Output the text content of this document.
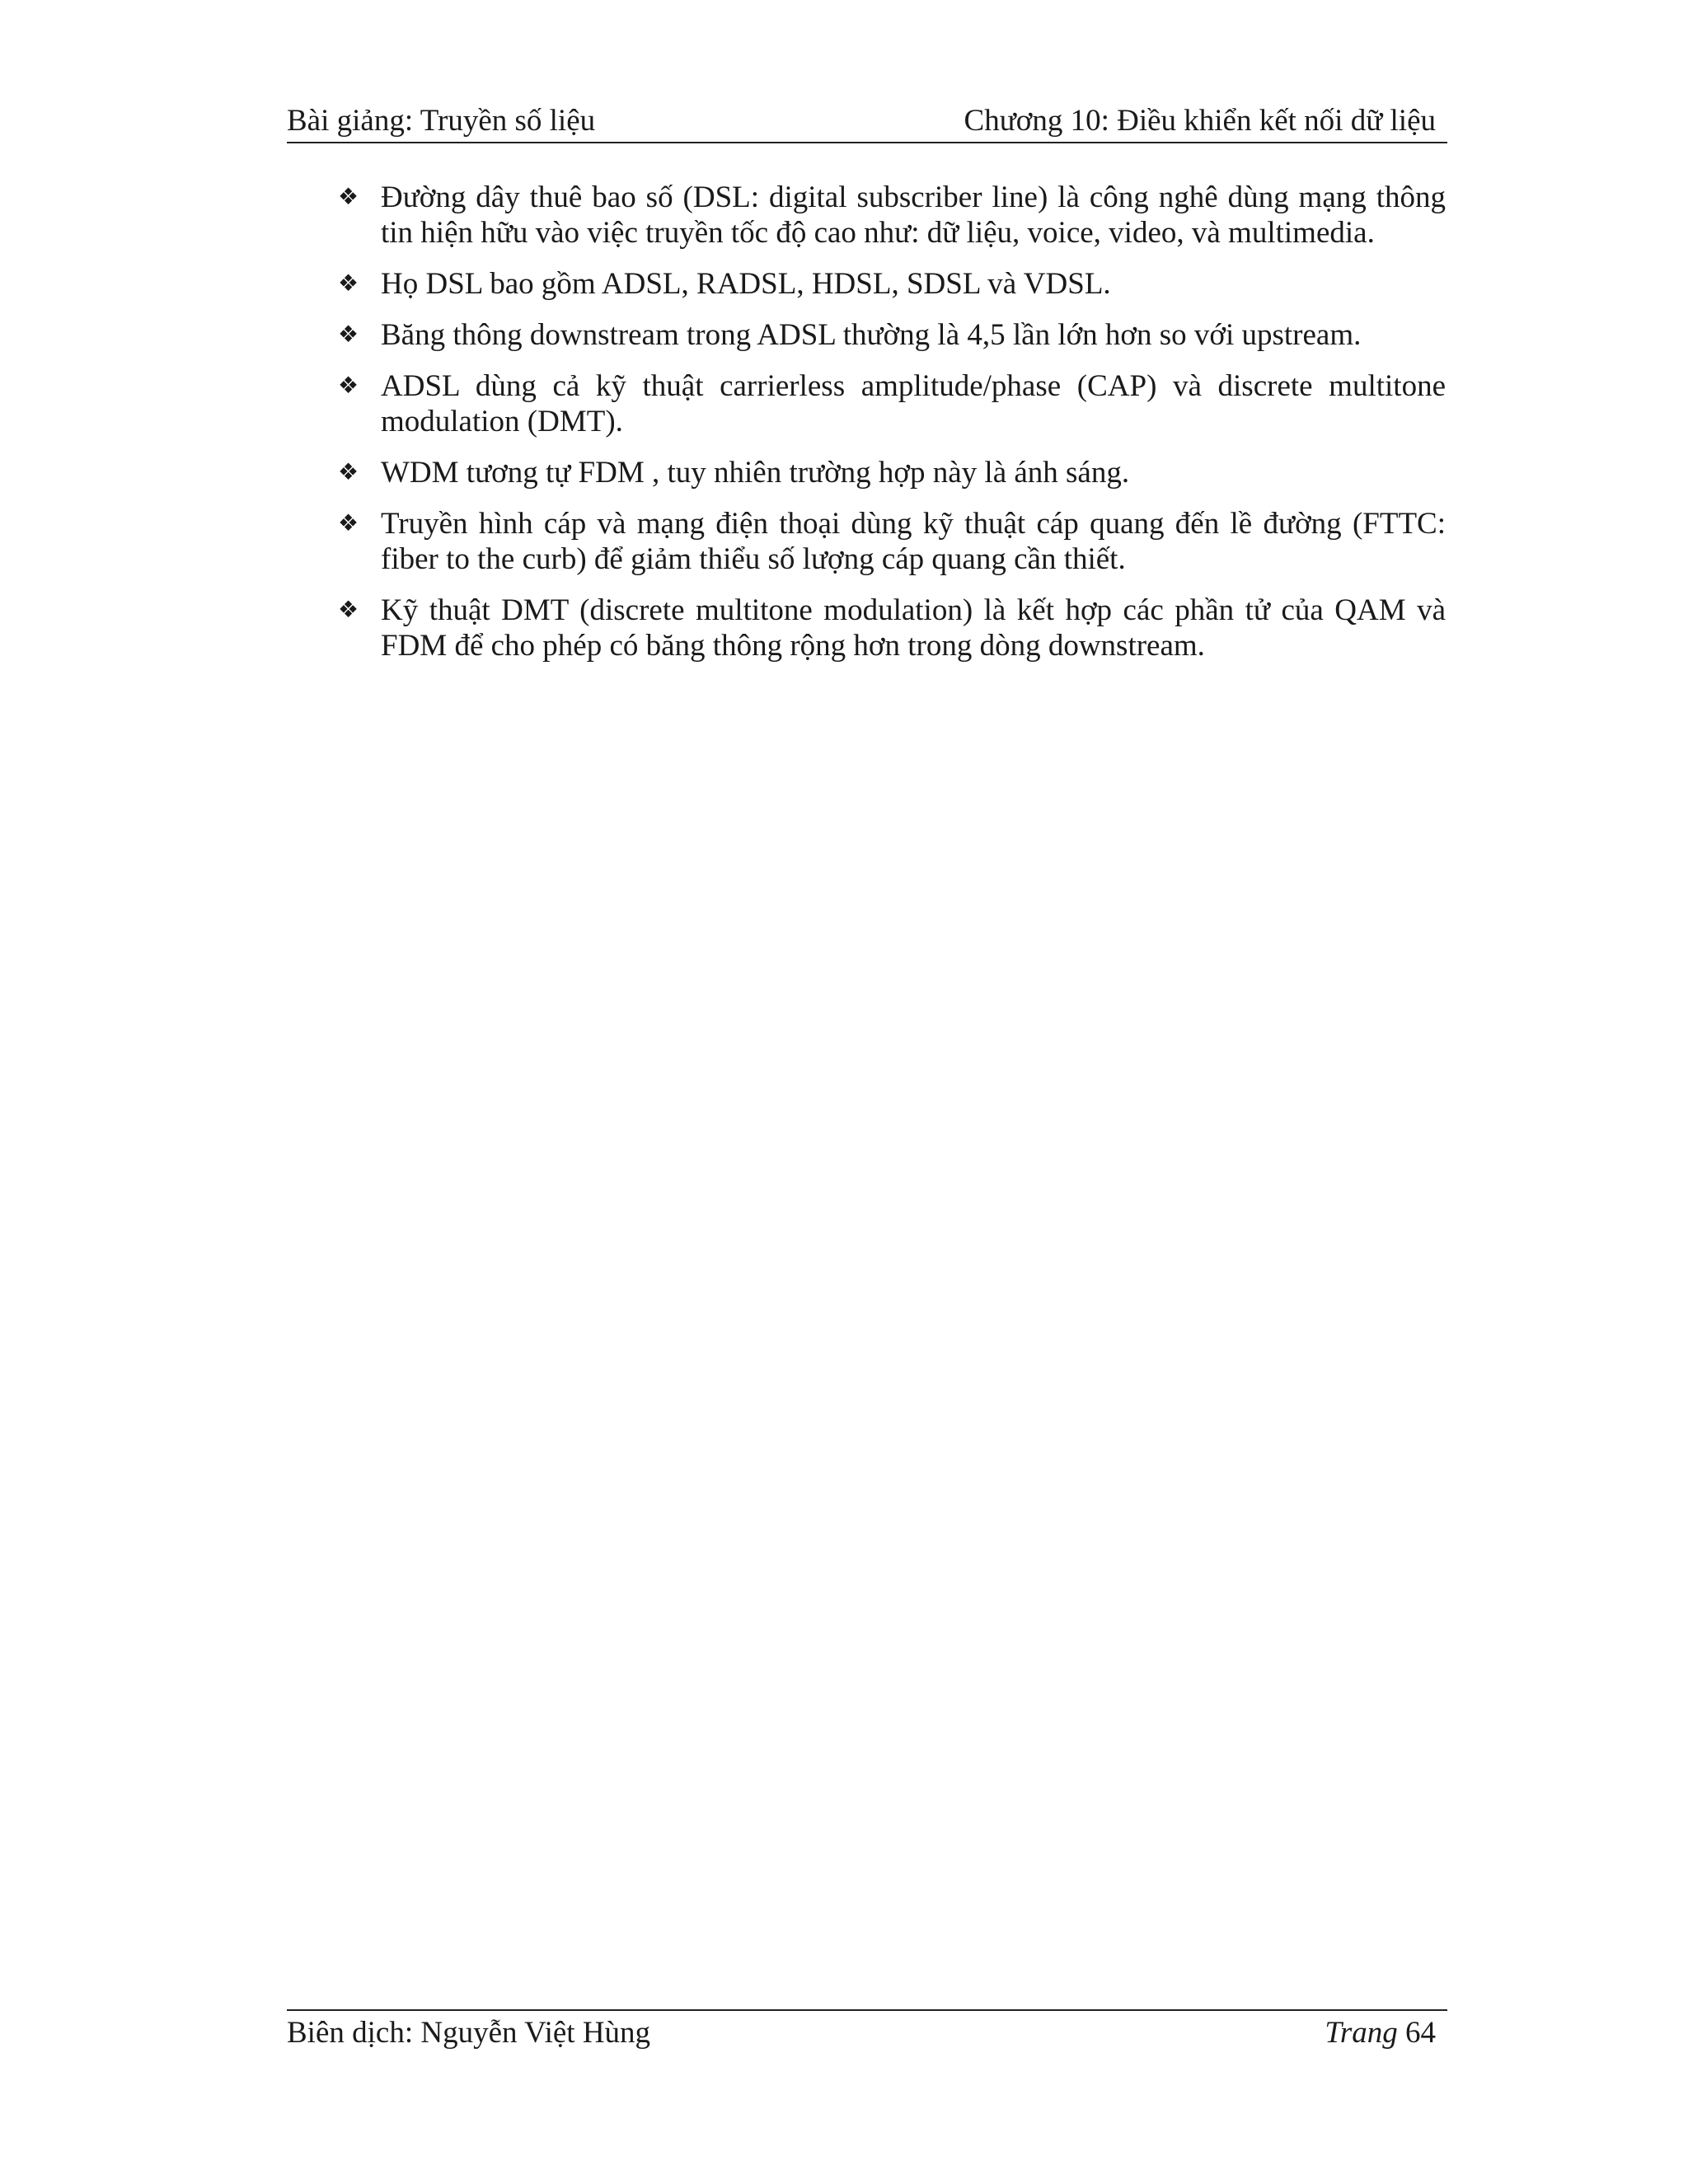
Bài giảng: Truyền số liệu	Chương 10: Điều khiển kết nối dữ liệu
❖ Đường dây thuê bao số (DSL: digital subscriber line) là công nghê dùng mạng thông tin hiện hữu vào việc truyền tốc độ cao như: dữ liệu, voice, video, và multimedia.
❖ Họ DSL bao gồm ADSL, RADSL, HDSL, SDSL và VDSL.
❖ Băng thông downstream trong ADSL thường là 4,5 lần lớn hơn so với upstream.
❖ ADSL dùng cả kỹ thuật carrierless amplitude/phase (CAP) và discrete multitone modulation (DMT).
❖ WDM tương tự FDM , tuy nhiên trường hợp này là ánh sáng.
❖ Truyền hình cáp và mạng điện thoại dùng kỹ thuật cáp quang đến lề đường (FTTC: fiber to the curb) để giảm thiểu số lượng cáp quang cần thiết.
❖ Kỹ thuật DMT (discrete multitone modulation) là kết hợp các phần tử của QAM và FDM để cho phép có băng thông rộng hơn trong dòng downstream.
Biên dịch: Nguyễn Việt Hùng	Trang 64
